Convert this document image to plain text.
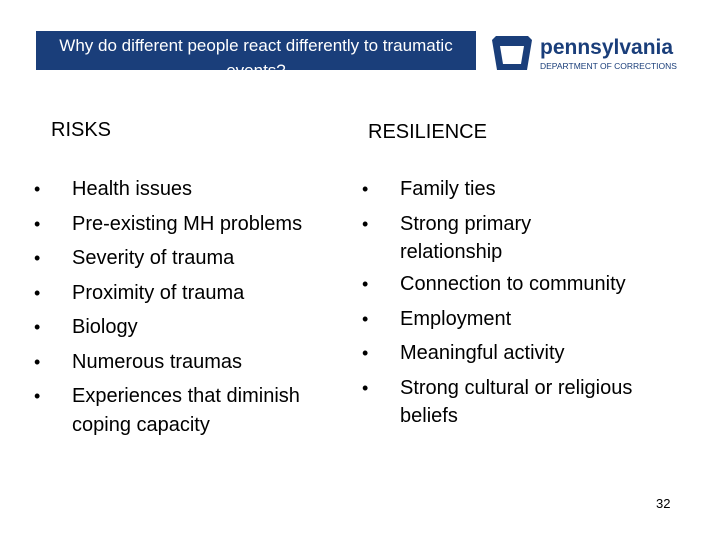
Why do different people react differently to traumatic events?
pennsylvania
DEPARTMENT OF CORRECTIONS
RISKS	RESILIENCE
• Health issues
• Pre-existing MH problems
• Severity of trauma
• Proximity of trauma
• Biology
• Numerous traumas
• Experiences that diminish
coping capacity
• Family ties
• Strong primary
relationship
• Connection to community
• Employment
• Meaningful activity
• Strong cultural or religious
beliefs
32
